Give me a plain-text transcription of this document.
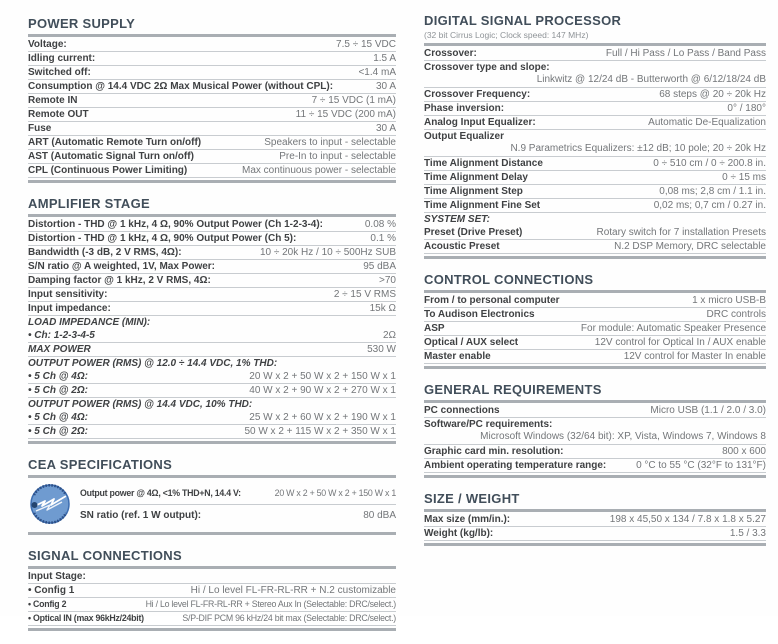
POWER SUPPLY
Voltage:	7.5 ÷ 15 VDC
Idling current:	1.5 A
Switched off:	<1.4 mA
Consumption @ 14.4 VDC 2Ω Max Musical Power (without CPL):	30 A
Remote IN	7 ÷ 15 VDC (1 mA)
Remote OUT	11 ÷ 15 VDC (200 mA)
Fuse	30 A
ART (Automatic Remote Turn on/off)	Speakers to input - selectable
AST (Automatic Signal Turn on/off)	Pre-In to input - selectable
CPL (Continuous Power Limiting)	Max continuous power - selectable
AMPLIFIER STAGE
Distortion - THD @ 1 kHz, 4 Ω, 90% Output Power (Ch 1-2-3-4):	0.08 %
Distortion - THD @ 1 kHz, 4 Ω, 90% Output Power (Ch 5):	0.1 %
Bandwidth (-3 dB, 2 V RMS, 4Ω):	10 ÷ 20k Hz / 10 ÷ 500Hz SUB
S/N ratio @ A weighted, 1V, Max Power:	95 dBA
Damping factor @ 1 kHz, 2 V RMS, 4Ω:	>70
Input sensitivity:	2 ÷ 15 V RMS
Input impedance:	15k Ω
LOAD IMPEDANCE (MIN):
• Ch: 1-2-3-4-5	2Ω
MAX POWER	530 W
OUTPUT POWER (RMS) @ 12.0 ÷ 14.4 VDC, 1% THD:
• 5 Ch @ 4Ω:	20 W x 2 + 50 W x 2 + 150 W x 1
• 5 Ch @ 2Ω:	40 W x 2 + 90 W x 2 + 270 W x 1
OUTPUT POWER (RMS) @ 14.4 VDC, 10% THD:
• 5 Ch @ 4Ω:	25 W x 2 + 60 W x 2 + 190 W x 1
• 5 Ch @ 2Ω:	50 W x 2 + 115 W x 2 + 350 W x 1
CEA SPECIFICATIONS
Output power @ 4Ω, <1% THD+N, 14.4 V:	20 W x 2 + 50 W x 2 + 150 W x 1
SN ratio (ref. 1 W output):	80 dBA
SIGNAL CONNECTIONS
Input Stage:
• Config 1	Hi / Lo level FL-FR-RL-RR + N.2 customizable
• Config 2	Hi / Lo level FL-FR-RL-RR + Stereo Aux In (Selectable: DRC/select.)
• Optical IN (max 96kHz/24bit)	S/P-DIF PCM 96 kHz/24 bit max (Selectable: DRC/select.)
DIGITAL SIGNAL PROCESSOR
(32 bit Cirrus Logic; Clock speed: 147 MHz)
Crossover:	Full / Hi Pass / Lo Pass / Band Pass
Crossover type and slope:
Linkwitz @ 12/24 dB - Butterworth @ 6/12/18/24 dB
Crossover Frequency:	68 steps @ 20 ÷ 20k Hz
Phase inversion:	0° / 180°
Analog Input Equalizer:	Automatic De-Equalization
Output Equalizer
N.9 Parametrics Equalizers: ±12 dB; 10 pole; 20 ÷ 20k Hz
Time Alignment Distance	0 ÷ 510 cm / 0 ÷ 200.8 in.
Time Alignment Delay	0 ÷ 15 ms
Time Alignment Step	0,08 ms; 2,8 cm / 1.1 in.
Time Alignment Fine Set	0,02 ms; 0,7 cm / 0.27 in.
SYSTEM SET:
Preset (Drive Preset)	Rotary switch for 7 installation Presets
Acoustic Preset	N.2 DSP Memory, DRC selectable
CONTROL CONNECTIONS
From / to personal computer	1 x micro USB-B
To Audison Electronics	DRC controls
ASP	For module: Automatic Speaker Presence
Optical / AUX select	12V control for Optical In / AUX enable
Master enable	12V control for Master In enable
GENERAL REQUIREMENTS
PC connections	Micro USB (1.1 / 2.0 / 3.0)
Software/PC requirements:
Microsoft Windows (32/64 bit): XP, Vista, Windows 7, Windows 8
Graphic card min. resolution:	800 x 600
Ambient operating temperature range:	0 °C to 55 °C (32°F to 131°F)
SIZE / WEIGHT
Max size (mm/in.):	198 x 45,50 x 134 / 7.8 x 1.8 x 5.27
Weight (kg/lb):	1.5 / 3.3
